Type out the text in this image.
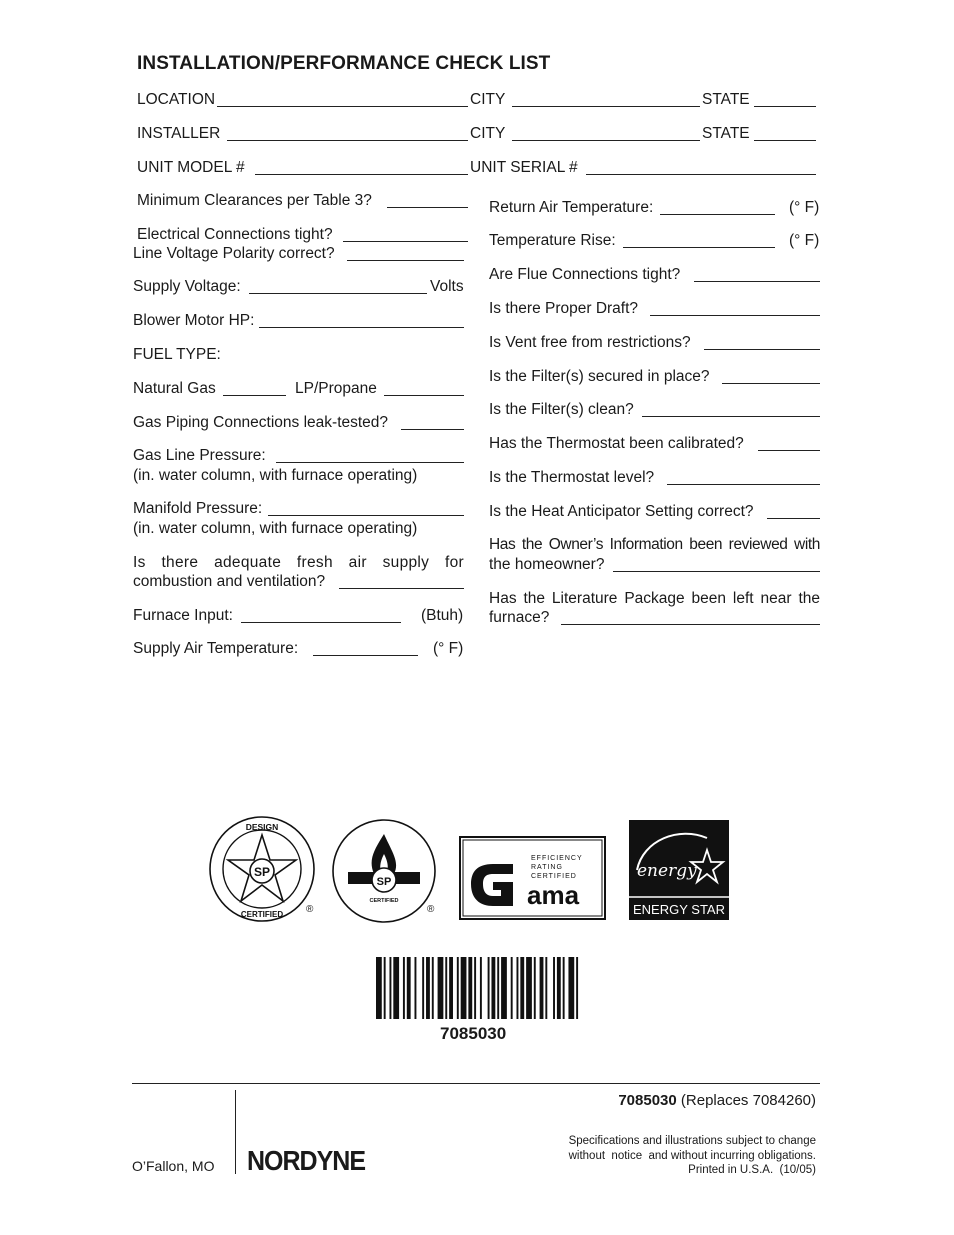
INSTALLATION/PERFORMANCE CHECK LIST
LOCATION	CITY	STATE
INSTALLER	CITY	STATE
UNIT MODEL #	UNIT SERIAL #
Minimum Clearances per Table 3?
Electrical Connections tight?
Line Voltage Polarity correct?
Supply Voltage:	Volts
Blower Motor HP:
FUEL TYPE:
Natural Gas	LP/Propane
Gas Piping Connections leak-tested?
Gas Line Pressure:
(in. water column, with furnace operating)
Manifold Pressure:
(in. water column, with furnace operating)
Is there adequate fresh air supply for
combustion and ventilation?
Furnace Input:	(Btuh)
Supply Air Temperature:	(° F)
Return Air Temperature:	(° F)
Temperature Rise:	(° F)
Are Flue Connections tight?
Is there Proper Draft?
Is Vent free from restrictions?
Is the Filter(s) secured in place?
Is the Filter(s) clean?
Has the Thermostat been calibrated?
Is the Thermostat level?
Is the Heat Anticipator Setting correct?
Has the Owner’s Information been reviewed with
the homeowner?
Has the Literature Package been left near the
furnace?
SP
DESIGN
CERTIFIED ®
SP
CERTIFIED
®
EFFICIENCY
RATING
CERTIFIED
ama
energy
ENERGY STAR
7085030
7085030 (Replaces 7084260)
O’Fallon, MO NORDYNE
Specifications and illustrations subject to change
without  notice  and without incurring obligations.
Printed in U.S.A.  (10/05)
